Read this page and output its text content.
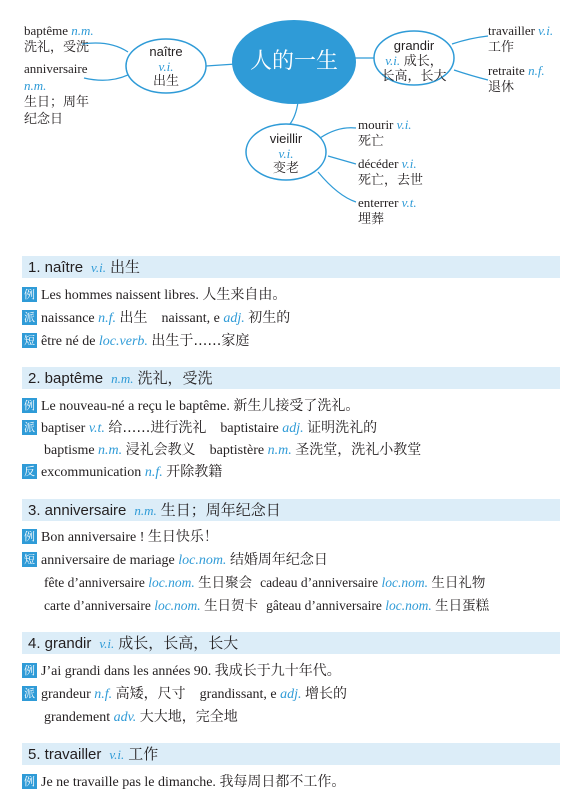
人的一生
naître
v.i.
出生
grandir
v.i. 成长，
长高，长大
vieillir
v.i.
变老
baptême n.m.
洗礼，受洗
anniversaire
n.m.
生日；周年
纪念日
travailler v.i.
工作
retraite n.f.
退休
mourir v.i.
死亡
décéder v.i.
死亡，去世
enterrer v.t.
埋葬
1. naître v.i. 出生
例 Les hommes naissent libres. 人生来自由。
派 naissance n.f. 出生 naissant, e adj. 初生的
短 être né de loc.verb. 出生于……家庭
2. baptême n.m. 洗礼，受洗
例 Le nouveau-né a reçu le baptême. 新生儿接受了洗礼。
派 baptiser v.t. 给……进行洗礼 baptistaire adj. 证明洗礼的
baptisme n.m. 浸礼会教义 baptistère n.m. 圣洗堂，洗礼小教堂
反 excommunication n.f. 开除教籍
3. anniversaire n.m. 生日；周年纪念日
例 Bon anniversaire ! 生日快乐！
短 anniversaire de mariage loc.nom. 结婚周年纪念日
fête d’anniversaire loc.nom. 生日聚会 cadeau d’anniversaire loc.nom. 生日礼物
carte d’anniversaire loc.nom. 生日贺卡 gâteau d’anniversaire loc.nom. 生日蛋糕
4. grandir v.i. 成长，长高，长大
例 J’ai grandi dans les années 90. 我成长于九十年代。
派 grandeur n.f. 高矮，尺寸 grandissant, e adj. 增长的
grandement adv. 大大地，完全地
5. travailler v.i. 工作
例 Je ne travaille pas le dimanche. 我每周日都不工作。
